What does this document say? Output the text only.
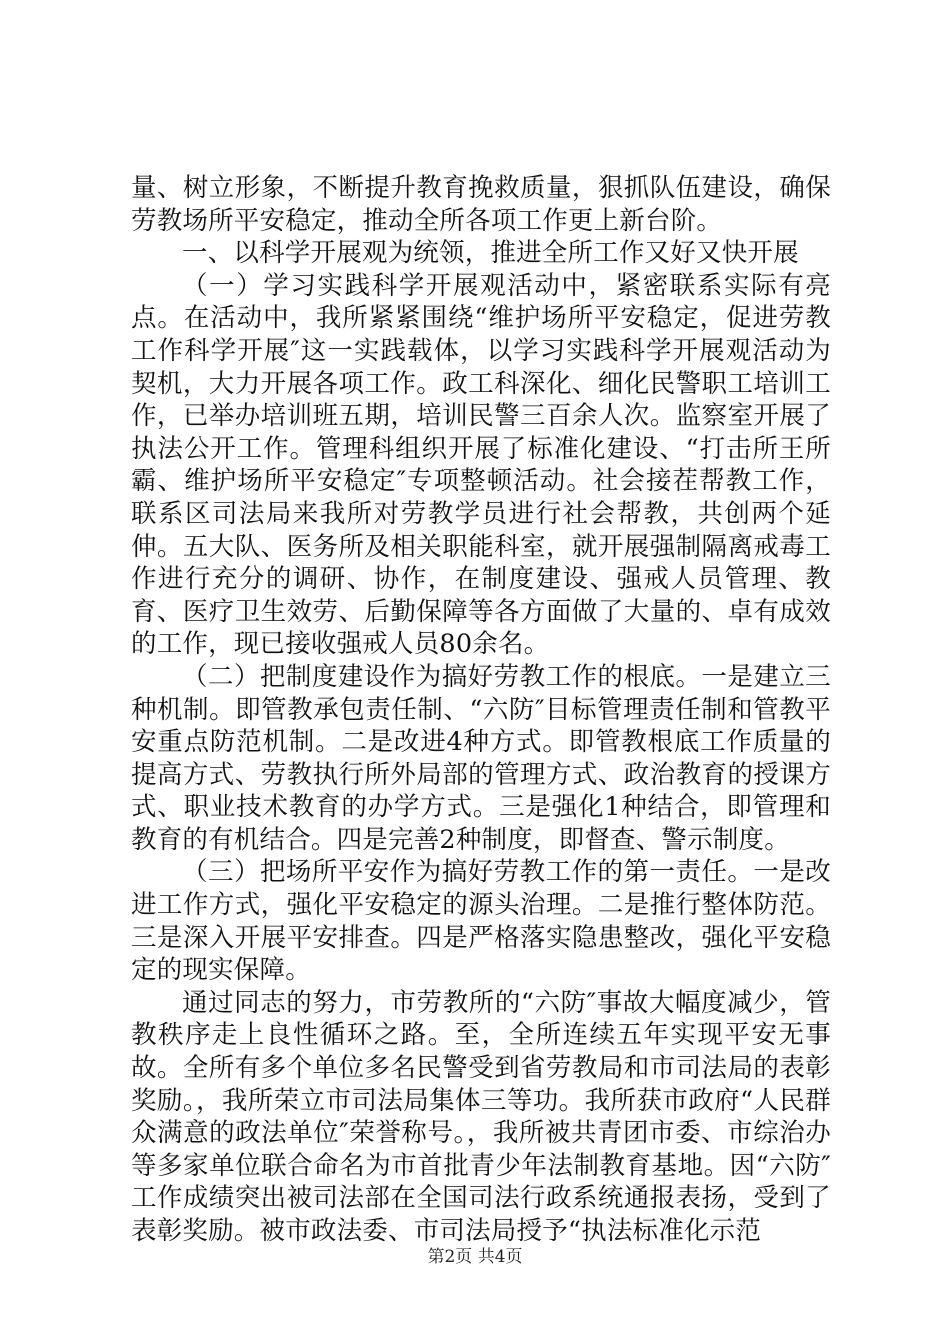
量、树立形象，不断提升教育挽救质量，狠抓队伍建设，确保劳教场所平安稳定，推动全所各项工作更上新台阶。

一、以科学开展观为统领，推进全所工作又好又快开展

（一）学习实践科学开展观活动中，紧密联系实际有亮点。在活动中，我所紧紧围绕“维护场所平安稳定，促进劳教工作科学开展″这一实践载体，以学习实践科学开展观活动为契机，大力开展各项工作。政工科深化、细化民警职工培训工作，已举办培训班五期，培训民警三百余人次。监察室开展了执法公开工作。管理科组织开展了标准化建设、“打击所王所霸、维护场所平安稳定″专项整顿活动。社会接茬帮教工作，联系区司法局来我所对劳教学员进行社会帮教，共创两个延伸。五大队、医务所及相关职能科室，就开展强制隔离戒毒工作进行充分的调研、协作，在制度建设、强戒人员管理、教育、医疗卫生效劳、后勤保障等各方面做了大量的、卓有成效的工作，现已接收强戒人员80余名。

（二）把制度建设作为搞好劳教工作的根底。一是建立三种机制。即管教承包责任制、“六防″目标管理责任制和管教平安重点防范机制。二是改进4种方式。即管教根底工作质量的提高方式、劳教执行所外局部的管理方式、政治教育的授课方式、职业技术教育的办学方式。三是强化1种结合，即管理和教育的有机结合。四是完善2种制度，即督查、警示制度。

（三）把场所平安作为搞好劳教工作的第一责任。一是改进工作方式，强化平安稳定的源头治理。二是推行整体防范。三是深入开展平安排查。四是严格落实隐患整改，强化平安稳定的现实保障。

通过同志的努力，市劳教所的“六防″事故大幅度减少，管教秩序走上良性循环之路。至，全所连续五年实现平安无事故。全所有多个单位多名民警受到省劳教局和市司法局的表彰奖励。，我所荣立市司法局集体三等功。我所获市政府“人民群众满意的政法单位″荣誉称号。，我所被共青团市委、市综治办等多家单位联合命名为市首批青少年法制教育基地。因“六防″工作成绩突出被司法部在全国司法行政系统通报表扬，受到了表彰奖励。被市政法委、市司法局授予“执法标准化示范

第2页 共4页
